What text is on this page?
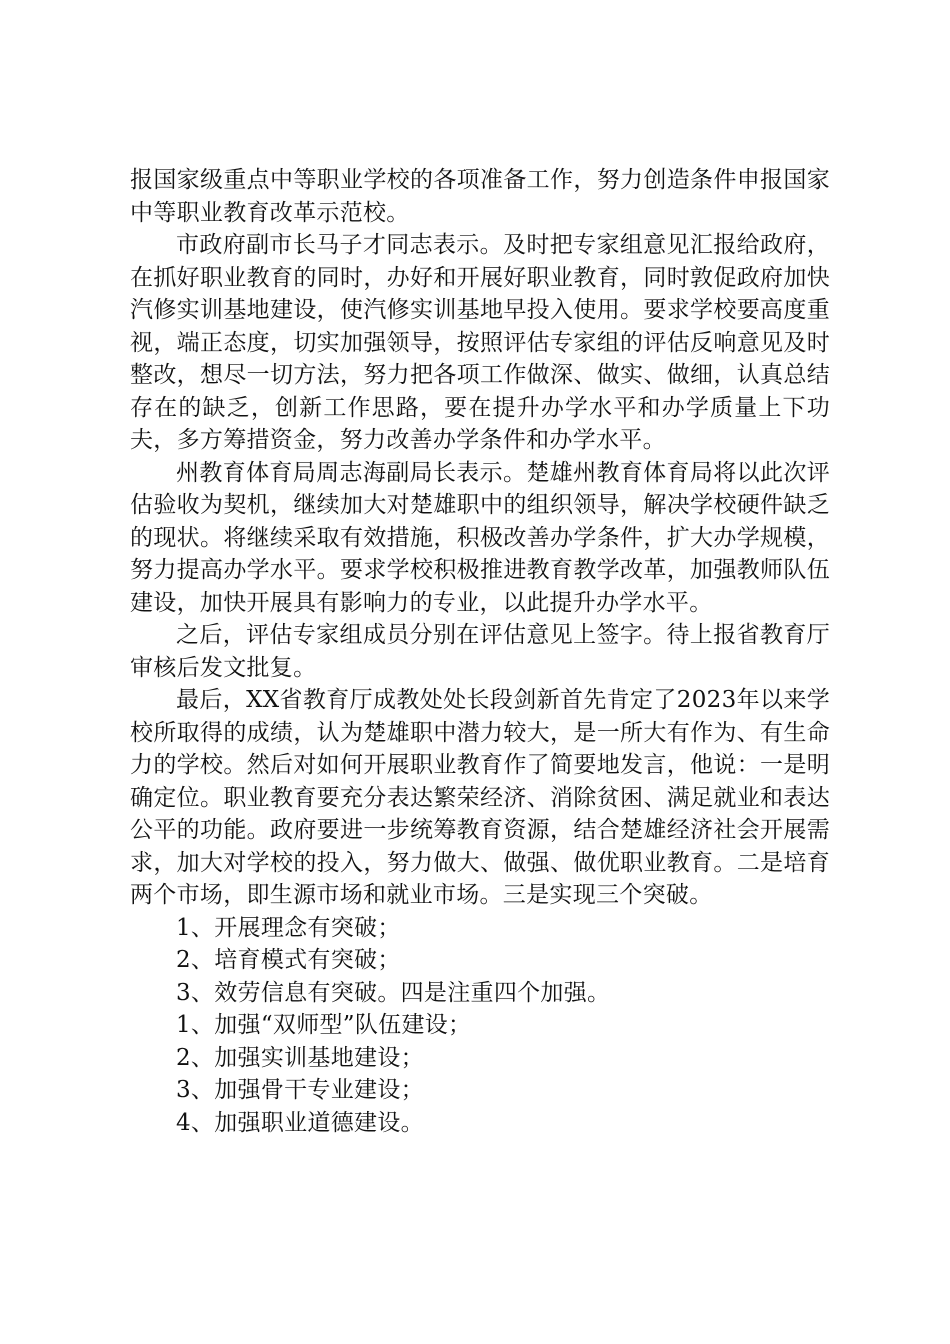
报国家级重点中等职业学校的各项准备工作，努力创造条件申报国家中等职业教育改革示范校。

市政府副市长马子才同志表示。及时把专家组意见汇报给政府，在抓好职业教育的同时，办好和开展好职业教育，同时敦促政府加快汽修实训基地建设，使汽修实训基地早投入使用。要求学校要高度重视，端正态度，切实加强领导，按照评估专家组的评估反响意见及时整改，想尽一切方法，努力把各项工作做深、做实、做细，认真总结存在的缺乏，创新工作思路，要在提升办学水平和办学质量上下功夫，多方筹措资金，努力改善办学条件和办学水平。

州教育体育局周志海副局长表示。楚雄州教育体育局将以此次评估验收为契机，继续加大对楚雄职中的组织领导，解决学校硬件缺乏的现状。将继续采取有效措施，积极改善办学条件，扩大办学规模，努力提高办学水平。要求学校积极推进教育教学改革，加强教师队伍建设，加快开展具有影响力的专业，以此提升办学水平。

之后，评估专家组成员分别在评估意见上签字。待上报省教育厅审核后发文批复。

最后，XX省教育厅成教处处长段剑新首先肯定了2023年以来学校所取得的成绩，认为楚雄职中潜力较大，是一所大有作为、有生命力的学校。然后对如何开展职业教育作了简要地发言，他说：一是明确定位。职业教育要充分表达繁荣经济、消除贫困、满足就业和表达公平的功能。政府要进一步统筹教育资源，结合楚雄经济社会开展需求，加大对学校的投入，努力做大、做强、做优职业教育。二是培育两个市场，即生源市场和就业市场。三是实现三个突破。

1、开展理念有突破；

2、培育模式有突破；

3、效劳信息有突破。四是注重四个加强。

1、加强“双师型”队伍建设；

2、加强实训基地建设；

3、加强骨干专业建设；

4、加强职业道德建设。
